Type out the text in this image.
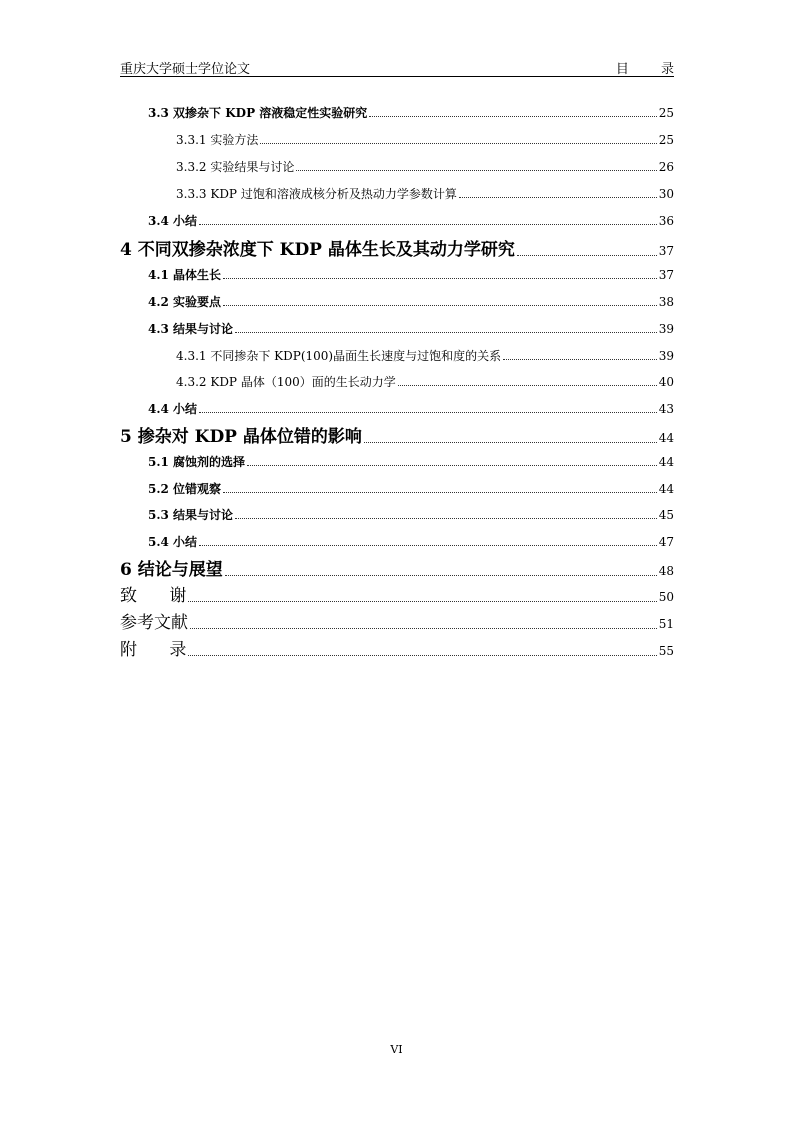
重庆大学硕士学位论文	目 录
3.3 双掺杂下 KDP 溶液稳定性实验研究	25
3.3.1 实验方法	25
3.3.2 实验结果与讨论	26
3.3.3 KDP 过饱和溶液成核分析及热动力学参数计算	30
3.4 小结	36
4 不同双掺杂浓度下 KDP 晶体生长及其动力学研究	37
4.1 晶体生长	37
4.2 实验要点	38
4.3 结果与讨论	39
4.3.1 不同掺杂下 KDP(100)晶面生长速度与过饱和度的关系	39
4.3.2 KDP 晶体（100）面的生长动力学	40
4.4 小结	43
5 掺杂对 KDP 晶体位错的影响	44
5.1 腐蚀剂的选择	44
5.2 位错观察	44
5.3 结果与讨论	45
5.4 小结	47
6 结论与展望	48
致      谢	50
参考文献	51
附      录	55
VI
